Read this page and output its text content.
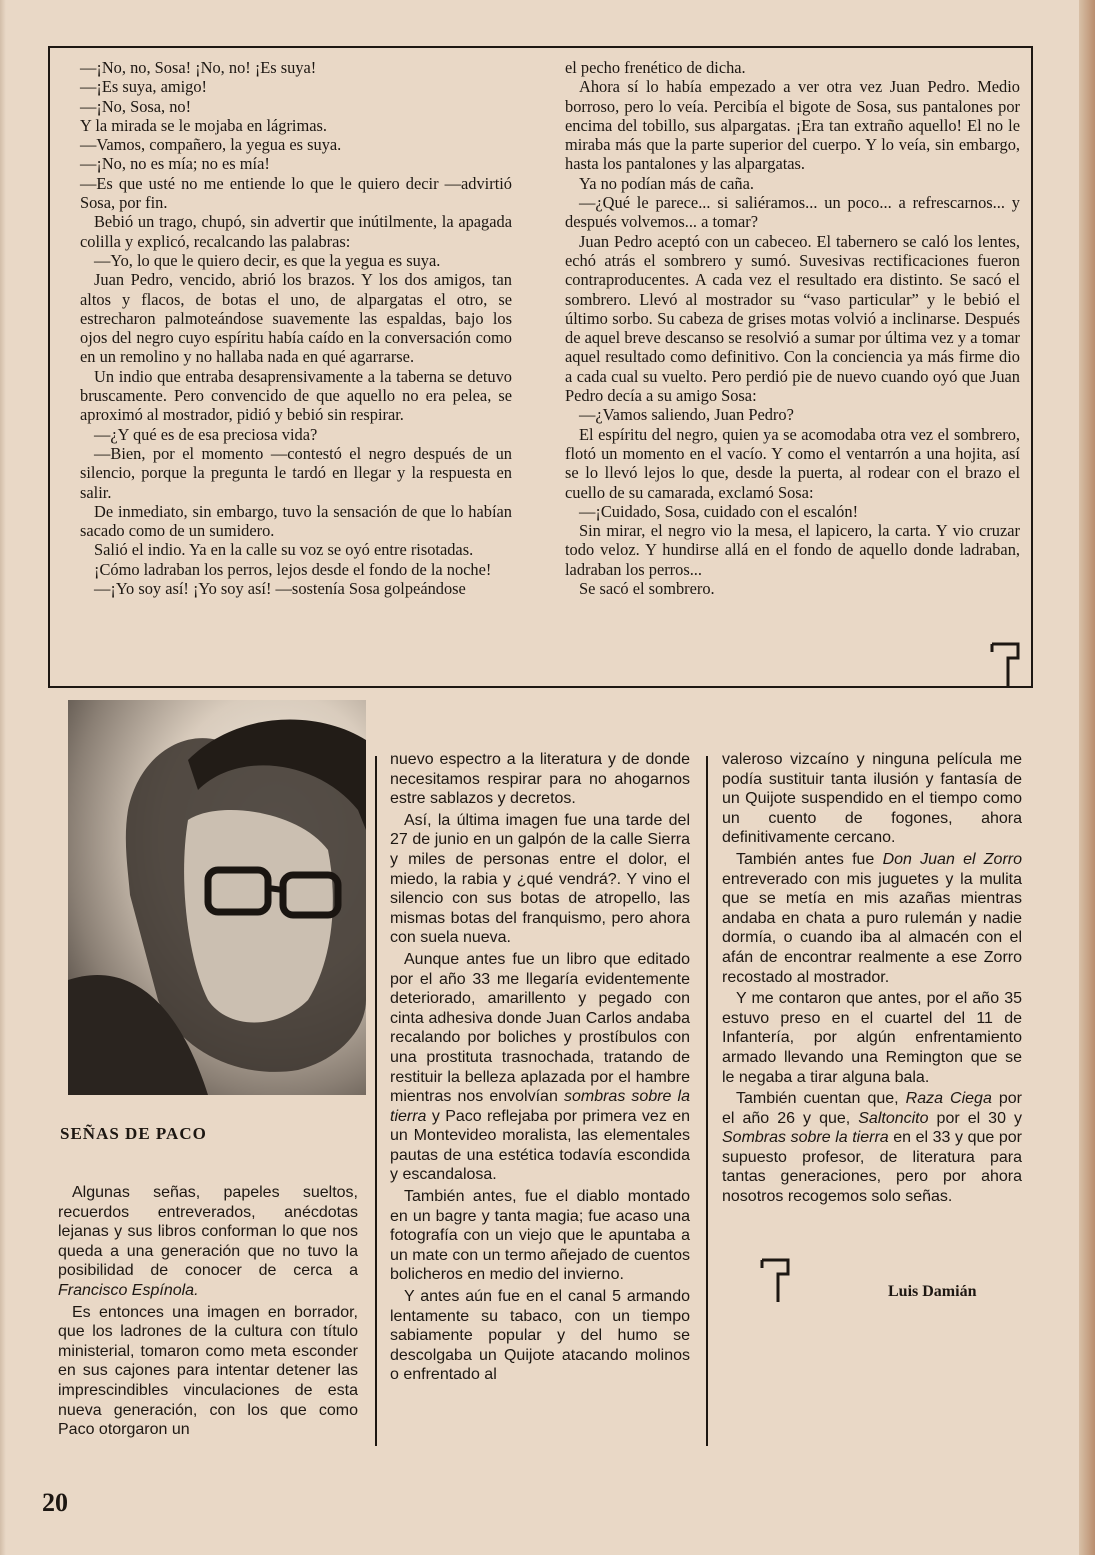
—¡No, no, Sosa! ¡No, no! ¡Es suya!

—¡Es suya, amigo!

—¡No, Sosa, no!

Y la mirada se le mojaba en lágrimas.

—Vamos, compañero, la yegua es suya.

—¡No, no es mía; no es mía!

—Es que usté no me entiende lo que le quiero decir —advirtió Sosa, por fin.

Bebió un trago, chupó, sin advertir que inútilmente, la apagada colilla y explicó, recalcando las palabras:

—Yo, lo que le quiero decir, es que la yegua es suya.

Juan Pedro, vencido, abrió los brazos. Y los dos amigos, tan altos y flacos, de botas el uno, de alpargatas el otro, se estrecharon palmoteándose suavemente las espaldas, bajo los ojos del negro cuyo espíritu había caído en la conversación como en un remolino y no hallaba nada en qué agarrarse.

Un indio que entraba desaprensivamente a la taberna se detuvo bruscamente. Pero convencido de que aquello no era pelea, se aproximó al mostrador, pidió y bebió sin respirar.

—¿Y qué es de esa preciosa vida?

—Bien, por el momento —contestó el negro después de un silencio, porque la pregunta le tardó en llegar y la respuesta en salir.

De inmediato, sin embargo, tuvo la sensación de que lo habían sacado como de un sumidero.

Salió el indio. Ya en la calle su voz se oyó entre risotadas.

¡Cómo ladraban los perros, lejos desde el fondo de la noche!

—¡Yo soy así! ¡Yo soy así! —sostenía Sosa golpeándose

el pecho frenético de dicha.

Ahora sí lo había empezado a ver otra vez Juan Pedro. Medio borroso, pero lo veía. Percibía el bigote de Sosa, sus pantalones por encima del tobillo, sus alpargatas. ¡Era tan extraño aquello! El no le miraba más que la parte superior del cuerpo. Y lo veía, sin embargo, hasta los pantalones y las alpargatas.

Ya no podían más de caña.

—¿Qué le parece... si saliéramos... un poco... a refrescarnos... y después volvemos... a tomar?

Juan Pedro aceptó con un cabeceo. El tabernero se caló los lentes, echó atrás el sombrero y sumó. Suvesivas rectificaciones fueron contraproducentes. A cada vez el resultado era distinto. Se sacó el sombrero. Llevó al mostrador su “vaso particular” y le bebió el último sorbo. Su cabeza de grises motas volvió a inclinarse. Después de aquel breve descanso se resolvió a sumar por última vez y a tomar aquel resultado como definitivo. Con la conciencia ya más firme dio a cada cual su vuelto. Pero perdió pie de nuevo cuando oyó que Juan Pedro decía a su amigo Sosa:

—¿Vamos saliendo, Juan Pedro?

El espíritu del negro, quien ya se acomodaba otra vez el sombrero, flotó un momento en el vacío. Y como el ventarrón a una hojita, así se lo llevó lejos lo que, desde la puerta, al rodear con el brazo el cuello de su camarada, exclamó Sosa:

—¡Cuidado, Sosa, cuidado con el escalón!

Sin mirar, el negro vio la mesa, el lapicero, la carta. Y vio cruzar todo veloz. Y hundirse allá en el fondo de aquello donde ladraban, ladraban los perros...

Se sacó el sombrero.

SEÑAS DE PACO

Algunas señas, papeles sueltos, recuerdos entreverados, anécdotas lejanas y sus libros conforman lo que nos queda a una generación que no tuvo la posibilidad de conocer de cerca a Francisco Espínola.

Es entonces una imagen en borrador, que los ladrones de la cultura con título ministerial, tomaron como meta esconder en sus cajones para intentar detener las imprescindibles vinculaciones de esta nueva generación, con los que como Paco otorgaron un

nuevo espectro a la literatura y de donde necesitamos respirar para no ahogarnos estre sablazos y decretos.

Así, la última imagen fue una tarde del 27 de junio en un galpón de la calle Sierra y miles de personas entre el dolor, el miedo, la rabia y ¿qué vendrá?. Y vino el silencio con sus botas de atropello, las mismas botas del franquismo, pero ahora con suela nueva.

Aunque antes fue un libro que editado por el año 33 me llegaría evidentemente deteriorado, amarillento y pegado con cinta adhesiva donde Juan Carlos andaba recalando por boliches y prostíbulos con una prostituta trasnochada, tratando de restituir la belleza aplazada por el hambre mientras nos envolvían sombras sobre la tierra y Paco reflejaba por primera vez en un Montevideo moralista, las elementales pautas de una estética todavía escondida y escandalosa.

También antes, fue el diablo montado en un bagre y tanta magia; fue acaso una fotografía con un viejo que le apuntaba a un mate con un termo añejado de cuentos bolicheros en medio del invierno.

Y antes aún fue en el canal 5 armando lentamente su tabaco, con un tiempo sabiamente popular y del humo se descolgaba un Quijote atacando molinos o enfrentado al

valeroso vizcaíno y ninguna película me podía sustituir tanta ilusión y fantasía de un Quijote suspendido en el tiempo como un cuento de fogones, ahora definitivamente cercano.

También antes fue Don Juan el Zorro entreverado con mis juguetes y la mulita que se metía en mis azañas mientras andaba en chata a puro rulemán y nadie dormía, o cuando iba al almacén con el afán de encontrar realmente a ese Zorro recostado al mostrador.

Y me contaron que antes, por el año 35 estuvo preso en el cuartel del 11 de Infantería, por algún enfrentamiento armado llevando una Remington que se le negaba a tirar alguna bala.

También cuentan que, Raza Ciega por el año 26 y que, Saltoncito por el 30 y Sombras sobre la tierra en el 33 y que por supuesto profesor, de literatura para tantas generaciones, pero por ahora nosotros recogemos solo señas.

Luis Damián
20
